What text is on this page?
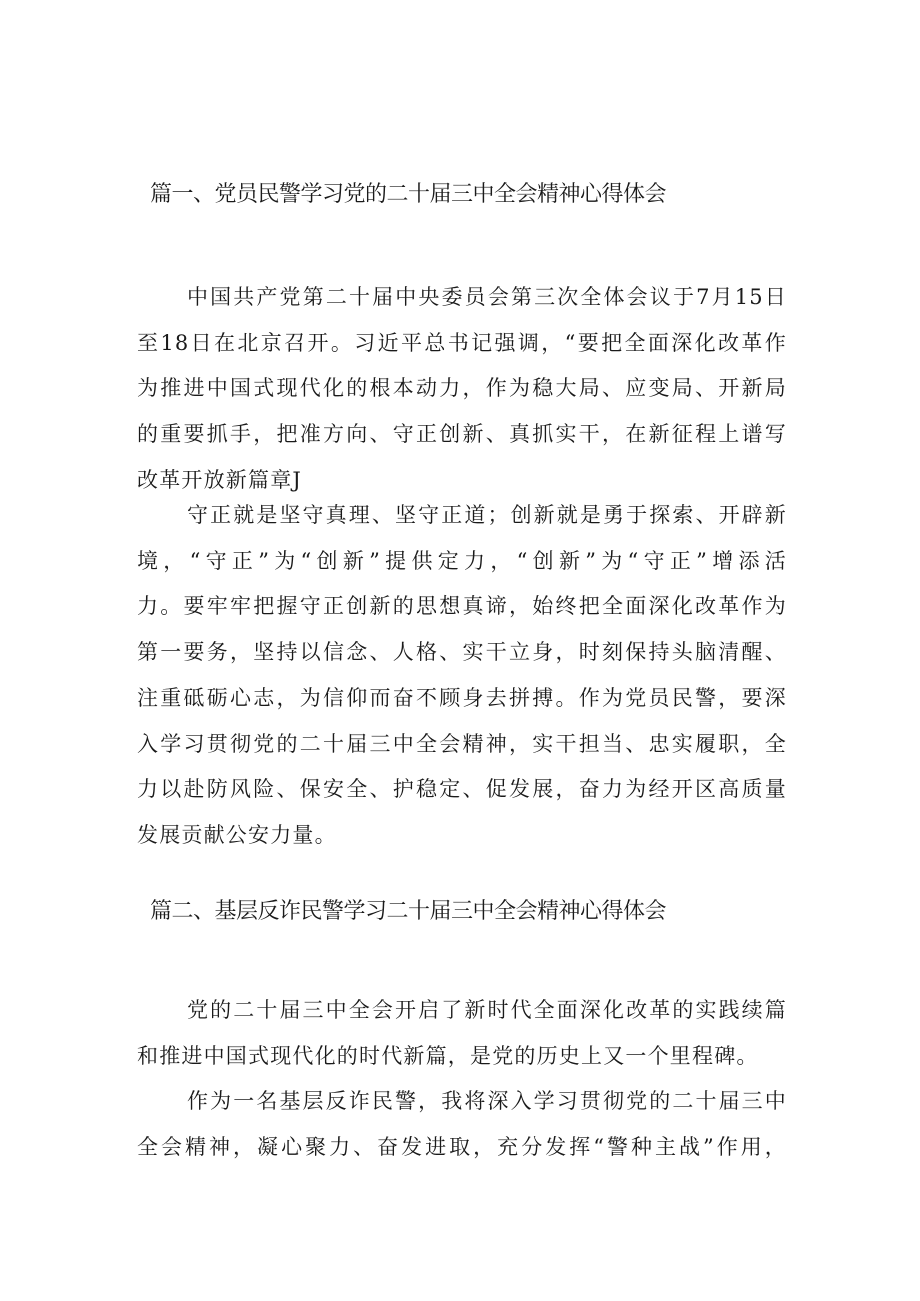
篇一、党员民警学习党的二十届三中全会精神心得体会
中国共产党第二十届中央委员会第三次全体会议于7月15日
至18日在北京召开。习近平总书记强调，“要把全面深化改革作
为推进中国式现代化的根本动力，作为稳大局、应变局、开新局
的重要抓手，把准方向、守正创新、真抓实干，在新征程上谱写
改革开放新篇章J
守正就是坚守真理、坚守正道；创新就是勇于探索、开辟新
境，“守正”为“创新”提供定力，“创新”为“守正”增添活
力。要牢牢把握守正创新的思想真谛，始终把全面深化改革作为
第一要务，坚持以信念、人格、实干立身，时刻保持头脑清醒、
注重砥砺心志，为信仰而奋不顾身去拼搏。作为党员民警，要深
入学习贯彻党的二十届三中全会精神，实干担当、忠实履职，全
力以赴防风险、保安全、护稳定、促发展，奋力为经开区高质量
发展贡献公安力量。
篇二、基层反诈民警学习二十届三中全会精神心得体会
党的二十届三中全会开启了新时代全面深化改革的实践续篇
和推进中国式现代化的时代新篇，是党的历史上又一个里程碑。
作为一名基层反诈民警，我将深入学习贯彻党的二十届三中
全会精神，凝心聚力、奋发进取，充分发挥“警种主战”作用，
